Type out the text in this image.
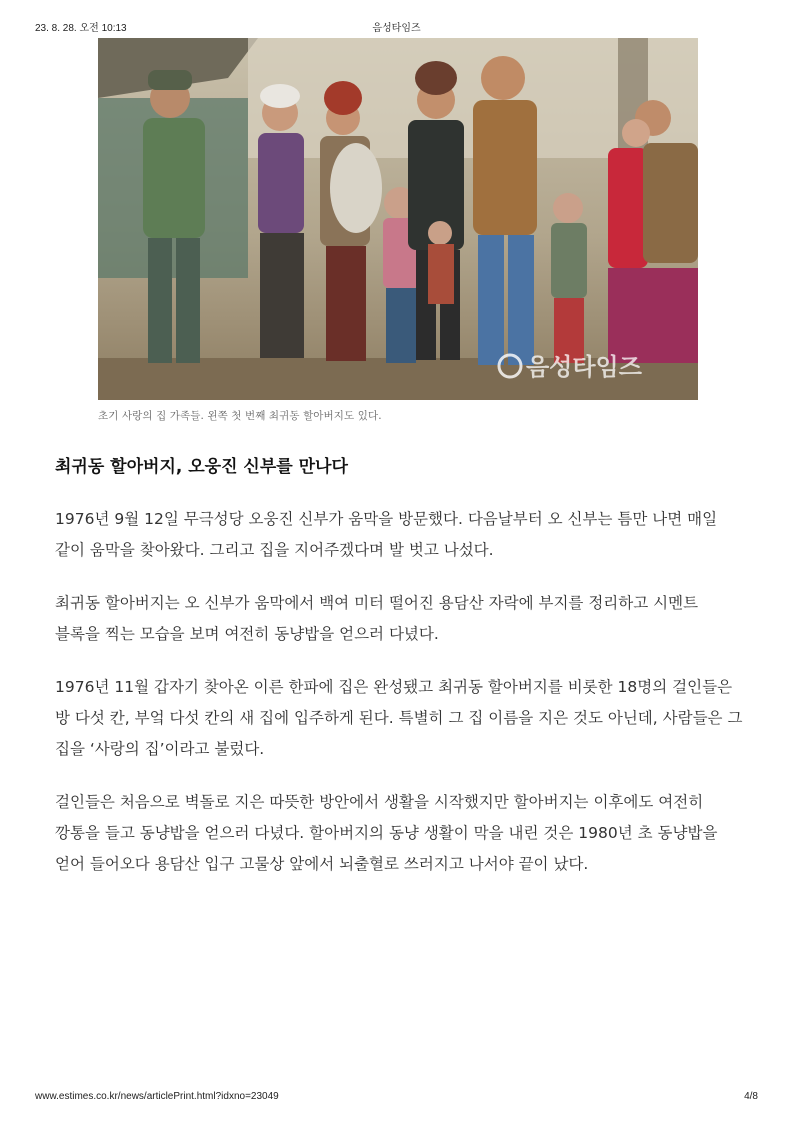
23. 8. 28. 오전 10:13	음성타임즈
음성타임즈
초기 사랑의 집 가족들. 왼쪽 첫 번째 최귀동 할아버지도 있다.
최귀동 할아버지, 오웅진 신부를 만나다

1976년 9월 12일 무극성당 오웅진 신부가 움막을 방문했다. 다음날부터 오 신부는 틈만 나면 매일 같이 움막을 찾아왔다. 그리고 집을 지어주겠다며 발 벗고 나섰다.

최귀동 할아버지는 오 신부가 움막에서 백여 미터 떨어진 용담산 자락에 부지를 정리하고 시멘트 블록을 찍는 모습을 보며 여전히 동냥밥을 얻으러 다녔다.

1976년 11월 갑자기 찾아온 이른 한파에 집은 완성됐고 최귀동 할아버지를 비롯한 18명의 걸인들은 방 다섯 칸, 부엌 다섯 칸의 새 집에 입주하게 된다. 특별히 그 집 이름을 지은 것도 아닌데, 사람들은 그 집을 ‘사랑의 집’이라고 불렀다.

걸인들은 처음으로 벽돌로 지은 따뜻한 방안에서 생활을 시작했지만 할아버지는 이후에도 여전히 깡통을 들고 동냥밥을 얻으러 다녔다. 할아버지의 동냥 생활이 막을 내린 것은 1980년 초 동냥밥을 얻어 들어오다 용담산 입구 고물상 앞에서 뇌출혈로 쓰러지고 나서야 끝이 났다.

www.estimes.co.kr/news/articlePrint.html?idxno=23049	4/8
